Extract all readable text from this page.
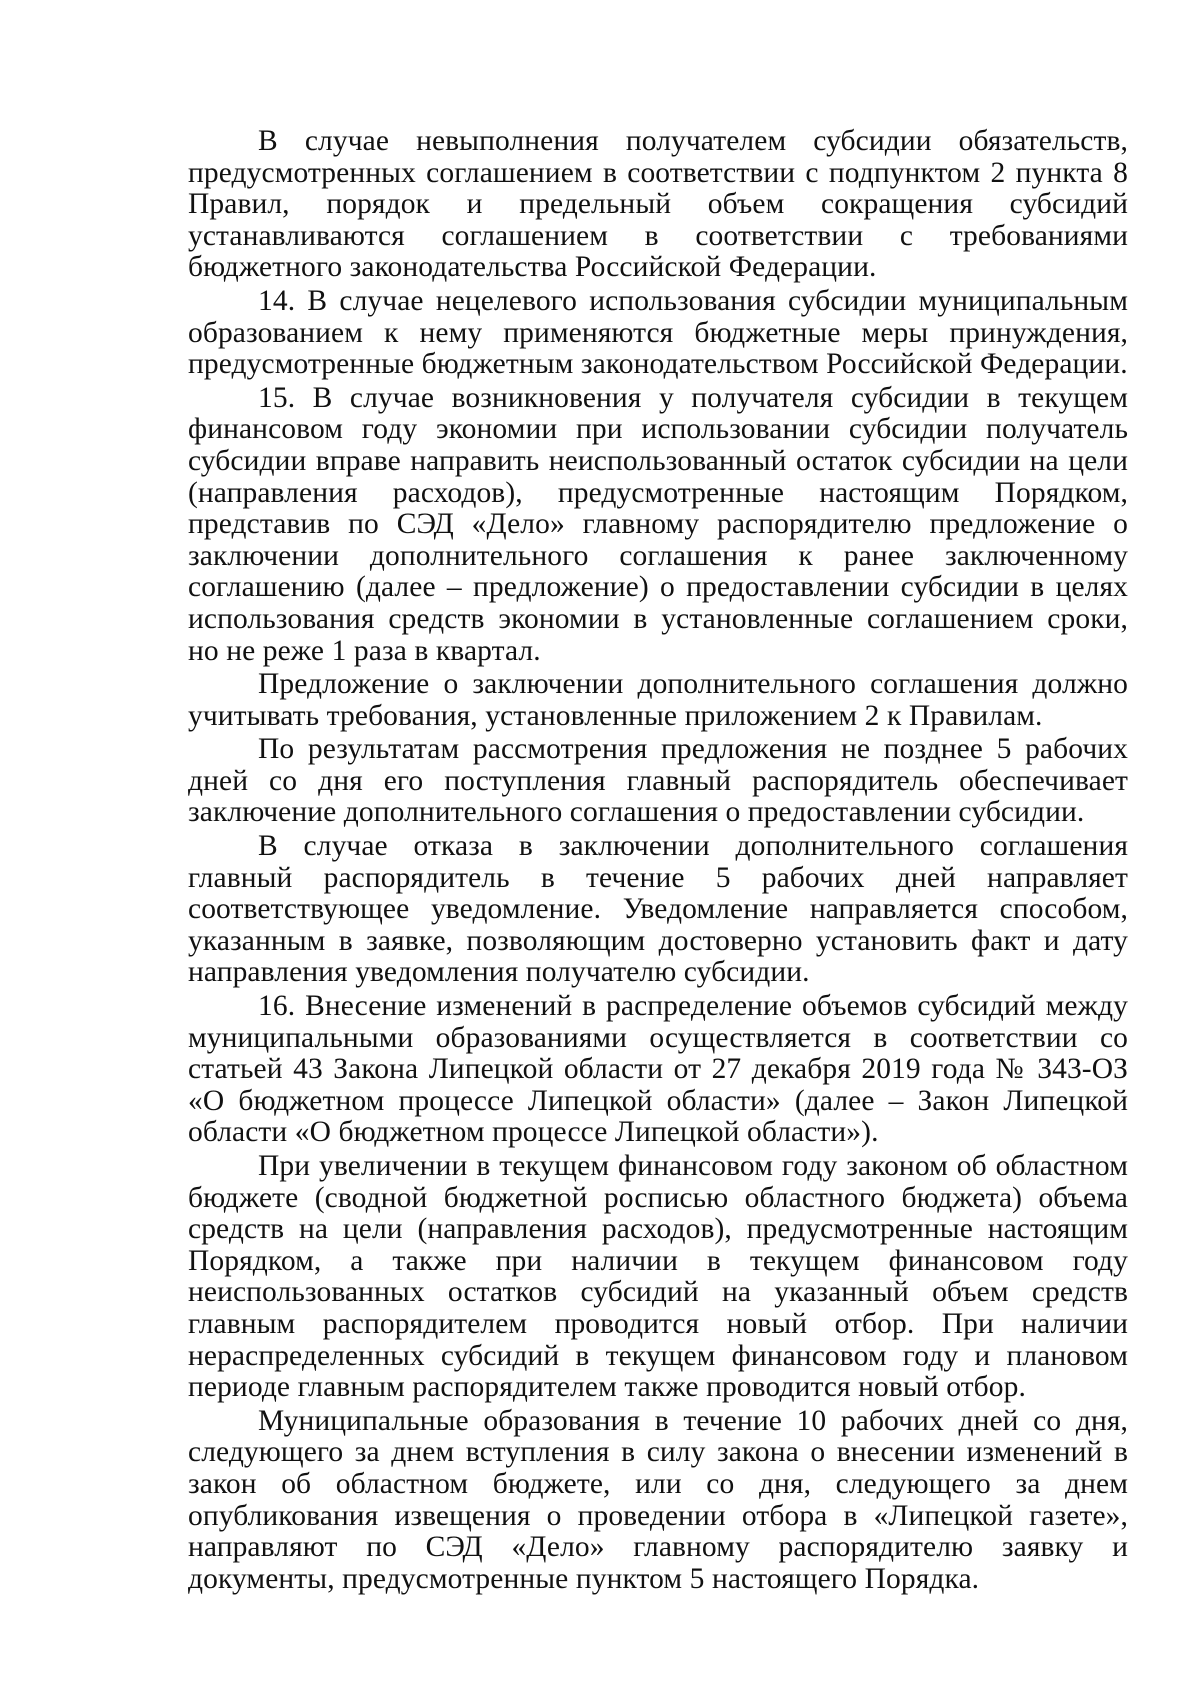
В случае невыполнения получателем субсидии обязательств, предусмотренных соглашением в соответствии с подпунктом 2 пункта 8 Правил, порядок и предельный объем сокращения субсидий устанавливаются соглашением в соответствии с требованиями бюджетного законодательства Российской Федерации.

14. В случае нецелевого использования субсидии муниципальным образованием к нему применяются бюджетные меры принуждения, предусмотренные бюджетным законодательством Российской Федерации.

15. В случае возникновения у получателя субсидии в текущем финансовом году экономии при использовании субсидии получатель субсидии вправе направить неиспользованный остаток субсидии на цели (направления расходов), предусмотренные настоящим Порядком, представив по СЭД «Дело» главному распорядителю предложение о заключении дополнительного соглашения к ранее заключенному соглашению (далее – предложение) о предоставлении субсидии в целях использования средств экономии в установленные соглашением сроки, но не реже 1 раза в квартал.

Предложение о заключении дополнительного соглашения должно учитывать требования, установленные приложением 2 к Правилам.

По результатам рассмотрения предложения не позднее 5 рабочих дней со дня его поступления главный распорядитель обеспечивает заключение дополнительного соглашения о предоставлении субсидии.

В случае отказа в заключении дополнительного соглашения главный распорядитель в течение 5 рабочих дней направляет соответствующее уведомление. Уведомление направляется способом, указанным в заявке, позволяющим достоверно установить факт и дату направления уведомления получателю субсидии.

16. Внесение изменений в распределение объемов субсидий между муниципальными образованиями осуществляется в соответствии со статьей 43 Закона Липецкой области от 27 декабря 2019 года № 343-ОЗ «О бюджетном процессе Липецкой области» (далее – Закон Липецкой области «О бюджетном процессе Липецкой области»).

При увеличении в текущем финансовом году законом об областном бюджете (сводной бюджетной росписью областного бюджета) объема средств на цели (направления расходов), предусмотренные настоящим Порядком, а также при наличии в текущем финансовом году неиспользованных остатков субсидий на указанный объем средств главным распорядителем проводится новый отбор. При наличии нераспределенных субсидий в текущем финансовом году и плановом периоде главным распорядителем также проводится новый отбор.

Муниципальные образования в течение 10 рабочих дней со дня, следующего за днем вступления в силу закона о внесении изменений в закон об областном бюджете, или со дня, следующего за днем опубликования извещения о проведении отбора в «Липецкой газете», направляют по СЭД «Дело» главному распорядителю заявку и документы, предусмотренные пунктом 5 настоящего Порядка.
